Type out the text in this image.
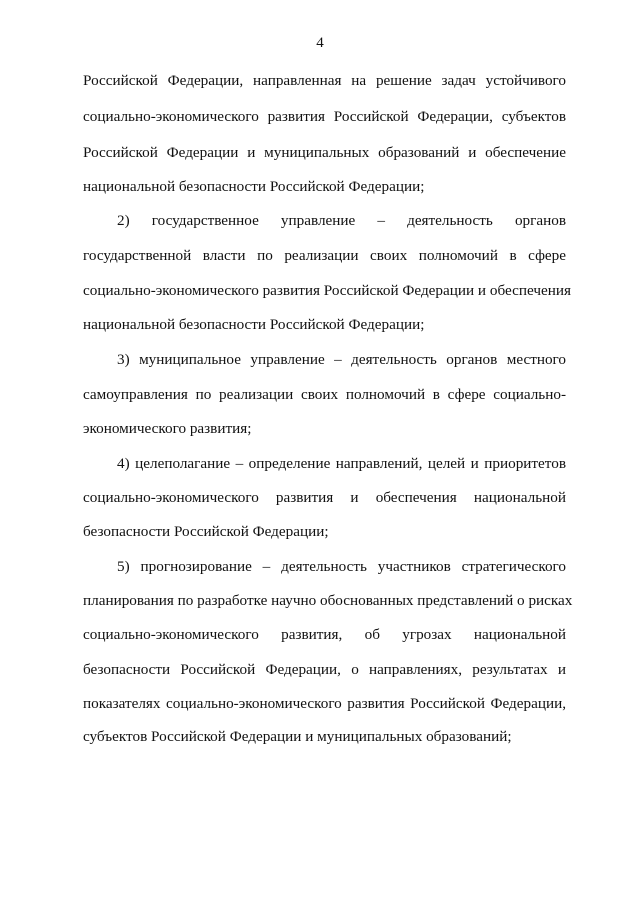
4
Российской Федерации, направленная на решение задач устойчивого
социально-экономического развития Российской Федерации, субъектов
Российской Федерации и муниципальных образований и обеспечение
национальной безопасности Российской Федерации;
2) государственное управление – деятельность органов
государственной власти по реализации своих полномочий в сфере
социально-экономического развития Российской Федерации и обеспечения
национальной безопасности Российской Федерации;
3) муниципальное управление – деятельность органов местного
самоуправления по реализации своих полномочий в сфере социально-
экономического развития;
4) целеполагание – определение направлений, целей и приоритетов
социально-экономического развития и обеспечения национальной
безопасности Российской Федерации;
5) прогнозирование – деятельность участников стратегического
планирования по разработке научно обоснованных представлений о рисках
социально-экономического развития, об угрозах национальной
безопасности Российской Федерации, о направлениях, результатах и
показателях социально-экономического развития Российской Федерации,
субъектов Российской Федерации и муниципальных образований;
